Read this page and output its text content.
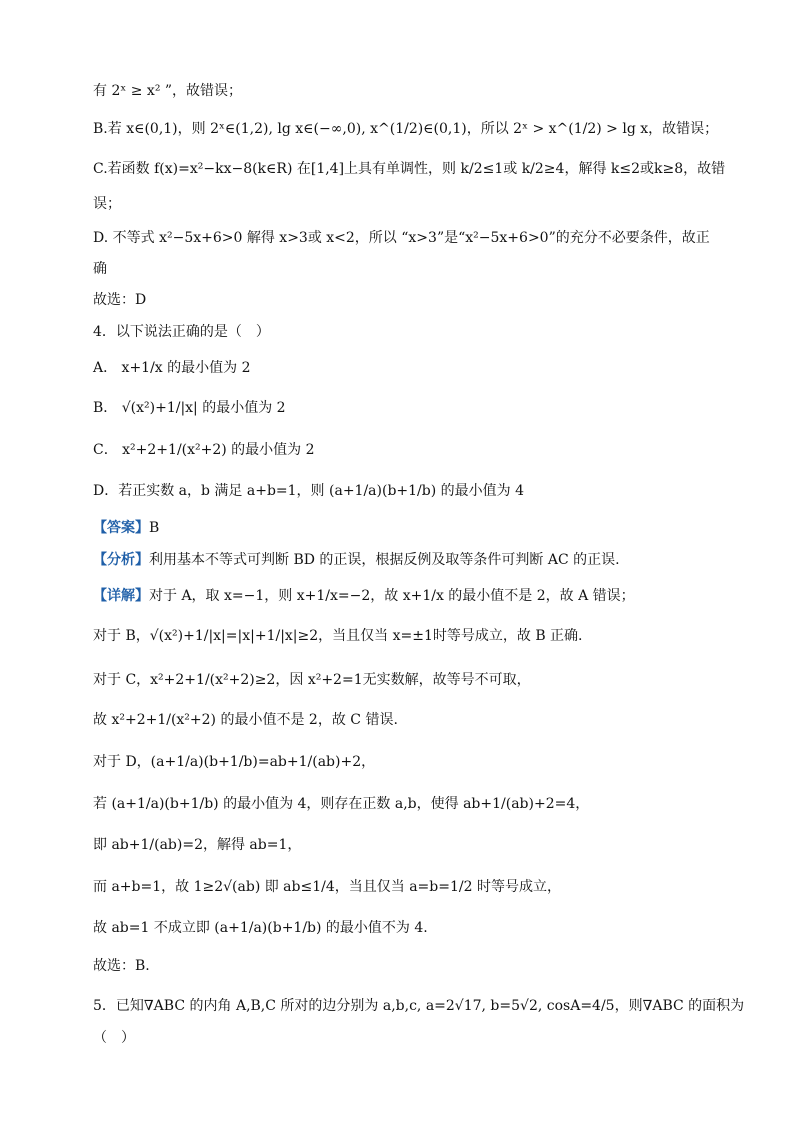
有 2ˣ ≥ x² ”，故错误；
B.若 x∈(0,1)，则 2ˣ∈(1,2), lg x∈(−∞,0), x^(1/2)∈(0,1)，所以 2ˣ > x^(1/2) > lg x，故错误；
C.若函数 f(x)=x²−kx−8(k∈R) 在[1,4]上具有单调性，则 k/2≤1或 k/2≥4，解得 k≤2或k≥8，故错
误；
D. 不等式 x²−5x+6>0 解得 x>3或 x<2，所以 “x>3”是“x²−5x+6>0”的充分不必要条件，故正
确
故选：D
4．以下说法正确的是（　）
A． x+1/x 的最小值为 2
B． √(x²)+1/|x| 的最小值为 2
C． x²+2+1/(x²+2) 的最小值为 2
D．若正实数 a，b 满足 a+b=1，则 (a+1/a)(b+1/b) 的最小值为 4
【答案】B
【分析】利用基本不等式可判断 BD 的正误，根据反例及取等条件可判断 AC 的正误.
【详解】对于 A，取 x=−1，则 x+1/x=−2，故 x+1/x 的最小值不是 2，故 A 错误；
对于 B，√(x²)+1/|x|=|x|+1/|x|≥2，当且仅当 x=±1时等号成立，故 B 正确.
对于 C，x²+2+1/(x²+2)≥2，因 x²+2=1无实数解，故等号不可取，
故 x²+2+1/(x²+2) 的最小值不是 2，故 C 错误.
对于 D，(a+1/a)(b+1/b)=ab+1/(ab)+2，
若 (a+1/a)(b+1/b) 的最小值为 4，则存在正数 a,b，使得 ab+1/(ab)+2=4，
即 ab+1/(ab)=2，解得 ab=1，
而 a+b=1，故 1≥2√(ab) 即 ab≤1/4，当且仅当 a=b=1/2 时等号成立，
故 ab=1 不成立即 (a+1/a)(b+1/b) 的最小值不为 4.
故选：B.
5．已知∇ABC 的内角 A,B,C 所对的边分别为 a,b,c, a=2√17, b=5√2, cosA=4/5，则∇ABC 的面积为
（　）
